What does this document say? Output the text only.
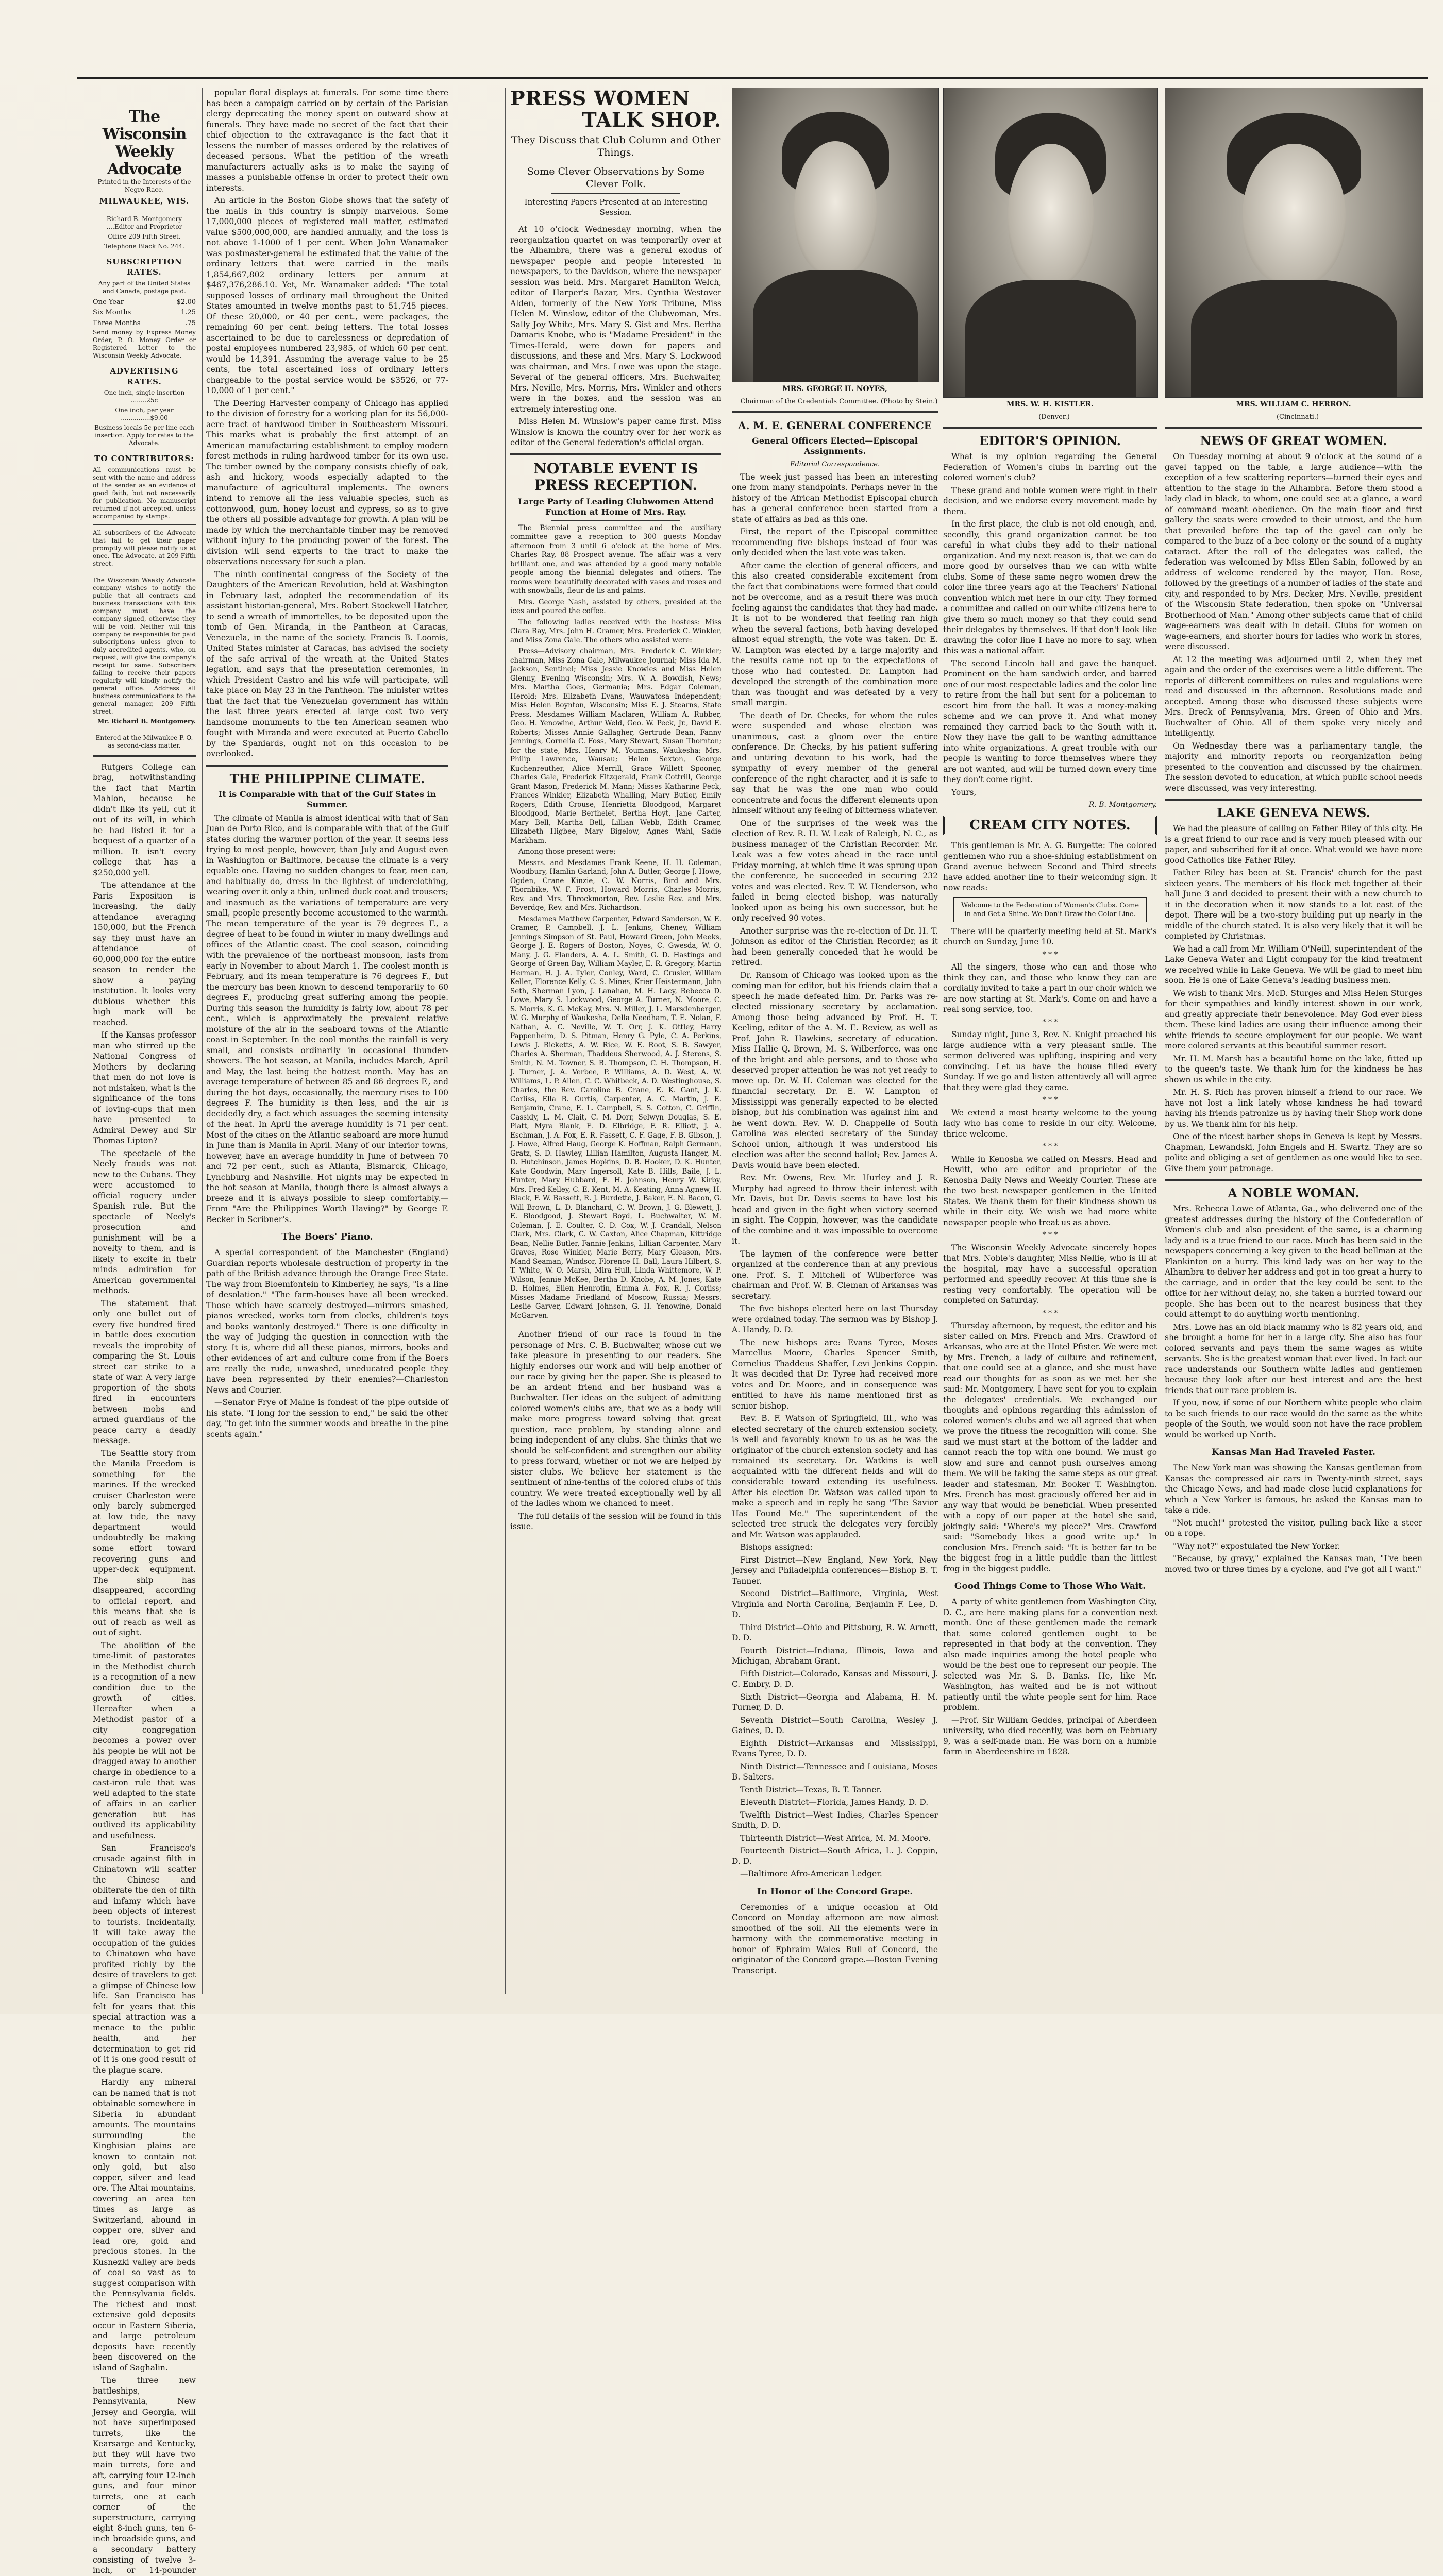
The Wisconsin Weekly Advocate

Printed in the Interests of the Negro Race.

MILWAUKEE, WIS.

Richard B. Montgomery ....Editor and Proprietor

Office 209 Fifth Street.

Telephone Black No. 244.

SUBSCRIPTION RATES.

Any part of the United States and Canada, postage paid.

One Year	$2.00
Six Months	1.25
Three Months	.75

Send money by Express Money Order, P. O. Money Order or Registered Letter to the Wisconsin Weekly Advocate.

ADVERTISING RATES.

One inch, single insertion ........25c

One inch, per year ...............$9.00

Business locals 5c per line each insertion. Apply for rates to the Advocate.

TO CONTRIBUTORS:

All communications must be sent with the name and address of the sender as an evidence of good faith, but not necessarily for publication. No manuscript returned if not accepted, unless accompanied by stamps.

All subscribers of the Advocate that fail to get their paper promptly will please notify us at once. The Advocate, at 209 Fifth street.

The Wisconsin Weekly Advocate company wishes to notify the public that all contracts and business transactions with this company must have the company signed, otherwise they will be void. Neither will this company be responsible for paid subscriptions unless given to duly accredited agents, who, on request, will give the company's receipt for same. Subscribers failing to receive their papers regularly will kindly notify the general office. Address all business communications to the general manager, 209 Fifth street.

Mr. Richard B. Montgomery.

Entered at the Milwaukee P. O. as second-class matter.

Rutgers College can brag, notwithstanding the fact that Martin Mahlon, because he didn't like its yell, cut it out of its will, in which he had listed it for a bequest of a quarter of a million. It isn't every college that has a $250,000 yell.

The attendance at the Paris Exposition is increasing, the daily attendance averaging 150,000, but the French say they must have an attendance of 60,000,000 for the entire season to render the show a paying institution. It looks very dubious whether this high mark will be reached.

If the Kansas professor man who stirred up the National Congress of Mothers by declaring that men do not love is not mistaken, what is the significance of the tons of loving-cups that men have presented to Admiral Dewey and Sir Thomas Lipton?

The spectacle of the Neely frauds was not new to the Cubans. They were accustomed to official roguery under Spanish rule. But the spectacle of Neely's prosecution and punishment will be a novelty to them, and is likely to excite in their minds admiration for American governmental methods.

The statement that only one bullet out of every five hundred fired in battle does execution reveals the improbity of comparing the St. Louis street car strike to a state of war. A very large proportion of the shots fired in encounters between mobs and armed guardians of the peace carry a deadly message.

The Seattle story from the Manila Freedom is something for the marines. If the wrecked cruiser Charleston were only barely submerged at low tide, the navy department would undoubtedly be making some effort toward recovering guns and upper-deck equipment. The ship has disappeared, according to official report, and this means that she is out of reach as well as out of sight.

The abolition of the time-limit of pastorates in the Methodist church is a recognition of a new condition due to the growth of cities. Hereafter when a Methodist pastor of a city congregation becomes a power over his people he will not be dragged away to another charge in obedience to a cast-iron rule that was well adapted to the state of affairs in an earlier generation but has outlived its applicability and usefulness.

San Francisco's crusade against filth in Chinatown will scatter the Chinese and obliterate the den of filth and infamy which have been objects of interest to tourists. Incidentally, it will take away the occupation of the guides to Chinatown who have profited richly by the desire of travelers to get a glimpse of Chinese low life. San Francisco has felt for years that this special attraction was a menace to the public health, and her determination to get rid of it is one good result of the plague scare.

Hardly any mineral can be named that is not obtainable somewhere in Siberia in abundant amounts. The mountains surrounding the Kinghisian plains are known to contain not only gold, but also copper, silver and lead ore. The Altai mountains, covering an area ten times as large as Switzerland, abound in copper ore, silver and lead ore, gold and precious stones. In the Kusnezki valley are beds of coal so vast as to suggest comparison with the Pennsylvania fields. The richest and most extensive gold deposits occur in Eastern Siberia, and large petroleum deposits have recently been discovered on the island of Saghalin.

The three new battleships, Pennsylvania, New Jersey and Georgia, will not have superimposed turrets, like the Kearsarge and Kentucky, but they will have two main turrets, fore and aft, carrying four 12-inch guns, and four minor turrets, one at each corner of the superstructure, carrying eight 8-inch guns, ten 6-inch broadside guns, and a secondary battery consisting of twelve 3-inch, or 14-pounder

popular floral displays at funerals. For some time there has been a campaign carried on by certain of the Parisian clergy deprecating the money spent on outward show at funerals. They have made no secret of the fact that their chief objection to the extravagance is the fact that it lessens the number of masses ordered by the relatives of deceased persons. What the petition of the wreath manufacturers actually asks is to make the saying of masses a punishable offense in order to protect their own interests.

An article in the Boston Globe shows that the safety of the mails in this country is simply marvelous. Some 17,000,000 pieces of registered mail matter, estimated value $500,000,000, are handled annually, and the loss is not above 1-1000 of 1 per cent. When John Wanamaker was postmaster-general he estimated that the value of the ordinary letters that were carried in the mails 1,854,667,802 ordinary letters per annum at $467,376,286.10. Yet, Mr. Wanamaker added: "The total supposed losses of ordinary mail throughout the United States amounted in twelve months past to 51,745 pieces. Of these 20,000, or 40 per cent., were packages, the remaining 60 per cent. being letters. The total losses ascertained to be due to carelessness or depredation of postal employees numbered 23,985, of which 60 per cent. would be 14,391. Assuming the average value to be 25 cents, the total ascertained loss of ordinary letters chargeable to the postal service would be $3526, or 77-10,000 of 1 per cent."

The Deering Harvester company of Chicago has applied to the division of forestry for a working plan for its 56,000-acre tract of hardwood timber in Southeastern Missouri. This marks what is probably the first attempt of an American manufacturing establishment to employ modern forest methods in ruling hardwood timber for its own use. The timber owned by the company consists chiefly of oak, ash and hickory, woods especially adapted to the manufacture of agricultural implements. The owners intend to remove all the less valuable species, such as cottonwood, gum, honey locust and cypress, so as to give the others all possible advantage for growth. A plan will be made by which the merchantable timber may be removed without injury to the producing power of the forest. The division will send experts to the tract to make the observations necessary for such a plan.

The ninth continental congress of the Society of the Daughters of the American Revolution, held at Washington in February last, adopted the recommendation of its assistant historian-general, Mrs. Robert Stockwell Hatcher, to send a wreath of immortelles, to be deposited upon the tomb of Gen. Miranda, in the Pantheon at Caracas, Venezuela, in the name of the society. Francis B. Loomis, United States minister at Caracas, has advised the society of the safe arrival of the wreath at the United States legation, and says that the presentation ceremonies, in which President Castro and his wife will participate, will take place on May 23 in the Pantheon. The minister writes that the fact that the Venezuelan government has within the last three years erected at large cost two very handsome monuments to the ten American seamen who fought with Miranda and were executed at Puerto Cabello by the Spaniards, ought not on this occasion to be overlooked.

THE PHILIPPINE CLIMATE.
It is Comparable with that of the Gulf States in Summer.

The climate of Manila is almost identical with that of San Juan de Porto Rico, and is comparable with that of the Gulf states during the warmer portion of the year. It seems less trying to most people, however, than July and August even in Washington or Baltimore, because the climate is a very equable one. Having no sudden changes to fear, men can, and habitually do, dress in the lightest of underclothing, wearing over it only a thin, unlined duck coat and trousers; and inasmuch as the variations of temperature are very small, people presently become accustomed to the warmth. The mean temperature of the year is 79 degrees F., a degree of heat to be found in winter in many dwellings and offices of the Atlantic coast. The cool season, coinciding with the prevalence of the northeast monsoon, lasts from early in November to about March 1. The coolest month is February, and its mean temperature is 76 degrees F., but the mercury has been known to descend temporarily to 60 degrees F., producing great suffering among the people. During this season the humidity is fairly low, about 78 per cent., which is approximately the prevalent relative moisture of the air in the seaboard towns of the Atlantic coast in September. In the cool months the rainfall is very small, and consists ordinarily in occasional thunder-showers. The hot season, at Manila, includes March, April and May, the last being the hottest month. May has an average temperature of between 85 and 86 degrees F., and during the hot days, occasionally, the mercury rises to 100 degrees F. The humidity is then less, and the air is decidedly dry, a fact which assuages the seeming intensity of the heat. In April the average humidity is 71 per cent. Most of the cities on the Atlantic seaboard are more humid in June than is Manila in April. Many of our interior towns, however, have an average humidity in June of between 70 and 72 per cent., such as Atlanta, Bismarck, Chicago, Lynchburg and Nashville. Hot nights may be expected in the hot season at Manila, though there is almost always a breeze and it is always possible to sleep comfortably.—From "Are the Philippines Worth Having?" by George F. Becker in Scribner's.

The Boers' Piano.

A special correspondent of the Manchester (England) Guardian reports wholesale destruction of property in the path of the British advance through the Orange Free State. The way from Bloemfontein to Kimberley, he says, "is a line of desolation." "The farm-houses have all been wrecked. Those which have scarcely destroyed—mirrors smashed, pianos wrecked, works torn from clocks, children's toys and books wantonly destroyed." There is one difficulty in the way of Judging the question in connection with the story. It is, where did all these pianos, mirrors, books and other evidences of art and culture come from if the Boers are really the rude, unwashed, uneducated people they have been represented by their enemies?—Charleston News and Courier.

—Senator Frye of Maine is fondest of the pipe outside of his state. "I long for the session to end," he said the other day, "to get into the summer woods and breathe in the pine scents again."

PRESS WOMEN
TALK SHOP.
They Discuss that Club Column and Other Things.
Some Clever Observations by Some Clever Folk.
Interesting Papers Presented at an Interesting Session.

At 10 o'clock Wednesday morning, when the reorganization quartet on was temporarily over at the Alhambra, there was a general exodus of newspaper people and people interested in newspapers, to the Davidson, where the newspaper session was held. Mrs. Margaret Hamilton Welch, editor of Harper's Bazar, Mrs. Cynthia Westover Alden, formerly of the New York Tribune, Miss Helen M. Winslow, editor of the Clubwoman, Mrs. Sally Joy White, Mrs. Mary S. Gist and Mrs. Bertha Damaris Knobe, who is "Madame President" in the Times-Herald, were down for papers and discussions, and these and Mrs. Mary S. Lockwood was chairman, and Mrs. Lowe was upon the stage. Several of the general officers, Mrs. Buchwalter, Mrs. Neville, Mrs. Morris, Mrs. Winkler and others were in the boxes, and the session was an extremely interesting one.

Miss Helen M. Winslow's paper came first. Miss Winslow is known the country over for her work as editor of the General federation's official organ.

NOTABLE EVENT IS PRESS RECEPTION.
Large Party of Leading Clubwomen Attend Function at Home of Mrs. Ray.

The Biennial press committee and the auxiliary committee gave a reception to 300 guests Monday afternoon from 3 until 6 o'clock at the home of Mrs. Charles Ray, 88 Prospect avenue. The affair was a very brilliant one, and was attended by a good many notable people among the biennial delegates and others. The rooms were beautifully decorated with vases and roses and with snowballs, fleur de lis and palms.

Mrs. George Nash, assisted by others, presided at the ices and poured the coffee.

The following ladies received with the hostess: Miss Clara Ray, Mrs. John H. Cramer, Mrs. Frederick C. Winkler, and Miss Zona Gale. The others who assisted were:

Press—Advisory chairman, Mrs. Frederick C. Winkler; chairman, Miss Zona Gale, Milwaukee Journal; Miss Ida M. Jackson, Sentinel; Miss Jessie Knowles and Miss Helen Glenny, Evening Wisconsin; Mrs. W. A. Bowdish, News; Mrs. Martha Goes, Germania; Mrs. Edgar Coleman, Herold; Mrs. Elizabeth Evans, Wauwatosa Independent; Miss Helen Boynton, Wisconsin; Miss E. J. Stearns, State Press. Mesdames William Maclaren, William A. Rubber, Geo. H. Yenowine, Arthur Weld, Geo. W. Peck, Jr., David E. Roberts; Misses Annie Gallagher, Gertrude Bean, Fanny Jennings, Cornelia C. Foss, Mary Stewart, Susan Thornton; for the state, Mrs. Henry M. Youmans, Waukesha; Mrs. Philip Lawrence, Wausau; Helen Sexton, George Kuchenreuther, Alice Merrill, Grace Willett Spooner, Charles Gale, Frederick Fitzgerald, Frank Cottrill, George Grant Mason, Frederick M. Mann; Misses Katharine Peck, Frances Winkler, Elizabeth Whalling, Mary Butler, Emily Rogers, Edith Crouse, Henrietta Bloodgood, Margaret Bloodgood, Marie Berthelet, Bertha Hoyt, Jane Carter, Mary Bell, Martha Bell, Lillian Webb, Edith Cramer, Elizabeth Higbee, Mary Bigelow, Agnes Wahl, Sadie Markham.

Among those present were:

Messrs. and Mesdames Frank Keene, H. H. Coleman, Woodbury, Hamlin Garland, John A. Butler, George J. Howe, Ogden, Crane Kinzie, C. W. Norris, Bird and Mrs. Thornbike, W. F. Frost, Howard Morris, Charles Morris, Rev. and Mrs. Throckmorton, Rev. Leslie Rev. and Mrs. Beverdge, Rev. and Mrs. Richardson.

Mesdames Matthew Carpenter, Edward Sanderson, W. E. Cramer, P. Campbell, J. L. Jenkins, Cheney, William Jennings Simpson of St. Paul, Howard Green, John Meeks, George J. E. Rogers of Boston, Noyes, C. Gwesda, W. O. Many, J. G. Flanders, A. A. L. Smith, G. D. Hastings and George of Green Bay, William Mayler, E. R. Gregory, Martin Herman, H. J. A. Tyler, Conley, Ward, C. Crusler, William Keller, Florence Kelly, C. S. Mines, Krier Heistermann, John Seth, Sherman Lyon, J. Lanahan, M. H. Lacy, Rebecca D. Lowe, Mary S. Lockwood, George A. Turner, N. Moore, C. S. Morris, K. G. McKay, Mrs. N. Miller, J. L. Marsdenberger, W. G. Murphy of Waukesha, Della Needham, T. E. Nolan, F. Nathan, A. C. Neville, W. T. Orr, J. K. Ottley, Harry Pappenheim, D. S. Pitman, Henry G. Pyle, C. A. Perkins, Lewis J. Ricketts, A. W. Rice, W. E. Root, S. B. Sawyer, Charles A. Sherman, Thaddeus Sherwood, A. J. Sterens, S. Smith, N. M. Towner, S. B. Thompson, C. H. Thompson, H. J. Turner, J. A. Verbee, P. Williams, A. D. West, A. W. Williams, L. P. Allen, C. C. Whitbeck, A. D. Westinghouse, S. Charles, the Rev. Caroline B. Crane, E. K. Gant, J. K. Corliss, Ella B. Curtis, Carpenter, A. C. Martin, J. E. Benjamin, Crane, E. L. Campbell, S. S. Cotton, C. Griffin, Cassidy, L. M. Clait, C. M. Dorr, Selwyn Douglas, S. E. Platt, Myra Blank, E. D. Elbridge, F. R. Elliott, J. A. Eschman, J. A. Fox, E. R. Fassett, C. F. Gage, F. B. Gibson, J. J. Howe, Alfred Haug, George K. Hoffman, Ralph Germann, Gratz, S. D. Hawley, Lillian Hamilton, Augusta Hanger, M. D. Hutchinson, James Hopkins, D. B. Hooker, D. K. Hunter, Kate Goodwin, Mary Ingersoll, Kate B. Hills, Baile, J. L. Hunter, Mary Hubbard, E. H. Johnson, Henry W. Kirby, Mrs. Fred Kelley, C. E. Kent, M. A. Keating, Anna Agnew, H. Black, F. W. Bassett, R. J. Burdette, J. Baker, E. N. Bacon, G. Will Brown, L. D. Blanchard, C. W. Brown, J. G. Blewett, J. E. Bloodgood, J. Stewart Boyd, L. Buchwalter, W. M. Coleman, J. E. Coulter, C. D. Cox, W. J. Crandall, Nelson Clark, Mrs. Clark, C. W. Caxton, Alice Chapman, Kittridge Bean, Nellie Butler, Fannie Jenkins, Lillian Carpenter, Mary Graves, Rose Winkler, Marie Berry, Mary Gleason, Mrs. Mand Seaman, Windsor, Florence H. Ball, Laura Hilbert, S. T. White, W. O. Marsh, Mira Hull, Linda Whittemore, W. P. Wilson, Jennie McKee, Bertha D. Knobe, A. M. Jones, Kate D. Holmes, Ellen Henrotin, Emma A. Fox, R. J. Corliss; Misses Madame Friedland of Moscow, Russia; Messrs. Leslie Garver, Edward Johnson, G. H. Yenowine, Donald McGarven.

Another friend of our race is found in the personage of Mrs. C. B. Buchwalter, whose cut we take pleasure in presenting to our readers. She highly endorses our work and will help another of our race by giving her the paper. She is pleased to be an ardent friend and her husband was a Buchwalter. Her ideas on the subject of admitting colored women's clubs are, that we as a body will make more progress toward solving that great question, race problem, by standing alone and being independent of any clubs. She thinks that we should be self-confident and strengthen our ability to press forward, whether or not we are helped by sister clubs. We believe her statement is the sentiment of nine-tenths of the colored clubs of this country. We were treated exceptionally well by all of the ladies whom we chanced to meet.

The full details of the session will be found in this issue.

MRS. GEORGE H. NOYES,

Chairman of the Credentials Committee. (Photo by Stein.)

A. M. E. GENERAL CONFERENCE
General Officers Elected—Episcopal Assignments.
Editorial Correspondence.

The week just passed has been an interesting one from many standpoints. Perhaps never in the history of the African Methodist Episcopal church has a general conference been started from a state of affairs as bad as this one.

First, the report of the Episcopal committee recommending five bishops instead of four was only decided when the last vote was taken.

After came the election of general officers, and this also created considerable excitement from the fact that combinations were formed that could not be overcome, and as a result there was much feeling against the candidates that they had made. It is not to be wondered that feeling ran high when the several factions, both having developed almost equal strength, the vote was taken. Dr. E. W. Lampton was elected by a large majority and the results came not up to the expectations of those who had contested. Dr. Lampton had developed the strength of the combination more than was thought and was defeated by a very small margin.

The death of Dr. Checks, for whom the rules were suspended and whose election was unanimous, cast a gloom over the entire conference. Dr. Checks, by his patient suffering and untiring devotion to his work, had the sympathy of every member of the general conference of the right character, and it is safe to say that he was the one man who could concentrate and focus the different elements upon himself without any feeling of bitterness whatever.

One of the surprises of the week was the election of Rev. R. H. W. Leak of Raleigh, N. C., as business manager of the Christian Recorder. Mr. Leak was a few votes ahead in the race until Friday morning, at which time it was sprung upon the conference, he succeeded in securing 232 votes and was elected. Rev. T. W. Henderson, who failed in being elected bishop, was naturally looked upon as being his own successor, but he only received 90 votes.

Another surprise was the re-election of Dr. H. T. Johnson as editor of the Christian Recorder, as it had been generally conceded that he would be retired.

Dr. Ransom of Chicago was looked upon as the coming man for editor, but his friends claim that a speech he made defeated him. Dr. Parks was re-elected missionary secretary by acclamation. Among those being advanced by Prof. H. T. Keeling, editor of the A. M. E. Review, as well as Prof. John R. Hawkins, secretary of education. Miss Hallie Q. Brown, M. S. Wilberforce, was one of the bright and able persons, and to those who deserved proper attention he was not yet ready to move up. Dr. W. H. Coleman was elected for the financial secretary, Dr. E. W. Lampton of Mississippi was generally expected to be elected bishop, but his combination was against him and he went down. Rev. W. D. Chappelle of South Carolina was elected secretary of the Sunday School union, although it was understood his election was after the second ballot; Rev. James A. Davis would have been elected.

Rev. Mr. Owens, Rev. Mr. Hurley and J. R. Murphy had agreed to throw their interest with Mr. Davis, but Dr. Davis seems to have lost his head and given in the fight when victory seemed in sight. The Coppin, however, was the candidate of the combine and it was impossible to overcome it.

The laymen of the conference were better organized at the conference than at any previous one. Prof. S. T. Mitchell of Wilberforce was chairman and Prof. W. B. Cleman of Arkansas was secretary.

The five bishops elected here on last Thursday were ordained today. The sermon was by Bishop J. A. Handy, D. D.

The new bishops are: Evans Tyree, Moses Marcellus Moore, Charles Spencer Smith, Cornelius Thaddeus Shaffer, Levi Jenkins Coppin. It was decided that Dr. Tyree had received more votes and Dr. Moore, and in consequence was entitled to have his name mentioned first as senior bishop.

Rev. B. F. Watson of Springfield, Ill., who was elected secretary of the church extension society, is well and favorably known to us as he was the originator of the church extension society and has remained its secretary. Dr. Watkins is well acquainted with the different fields and will do considerable toward extending its usefulness. After his election Dr. Watson was called upon to make a speech and in reply he sang "The Savior Has Found Me." The superintendent of the selected tree struck the delegates very forcibly and Mr. Watson was applauded.

Bishops assigned:

First District—New England, New York, New Jersey and Philadelphia conferences—Bishop B. T. Tanner.

Second District—Baltimore, Virginia, West Virginia and North Carolina, Benjamin F. Lee, D. D.

Third District—Ohio and Pittsburg, R. W. Arnett, D. D.

Fourth District—Indiana, Illinois, Iowa and Michigan, Abraham Grant.

Fifth District—Colorado, Kansas and Missouri, J. C. Embry, D. D.

Sixth District—Georgia and Alabama, H. M. Turner, D. D.

Seventh District—South Carolina, Wesley J. Gaines, D. D.

Eighth District—Arkansas and Mississippi, Evans Tyree, D. D.

Ninth District—Tennessee and Louisiana, Moses B. Salters.

Tenth District—Texas, B. T. Tanner.

Eleventh District—Florida, James Handy, D. D.

Twelfth District—West Indies, Charles Spencer Smith, D. D.

Thirteenth District—West Africa, M. M. Moore.

Fourteenth District—South Africa, L. J. Coppin, D. D.

—Baltimore Afro-American Ledger.

In Honor of the Concord Grape.

Ceremonies of a unique occasion at Old Concord on Monday afternoon are now almost smoothed of the soil. All the elements were in harmony with the commemorative meeting in honor of Ephraim Wales Bull of Concord, the originator of the Concord grape.—Boston Evening Transcript.

MRS. W. H. KISTLER.

(Denver.)

EDITOR'S OPINION.

What is my opinion regarding the General Federation of Women's clubs in barring out the colored women's club?

These grand and noble women were right in their decision, and we endorse every movement made by them.

In the first place, the club is not old enough, and, secondly, this grand organization cannot be too careful in what clubs they add to their national organization. And my next reason is, that we can do more good by ourselves than we can with white clubs. Some of these same negro women drew the color line three years ago at the Teachers' National convention which met here in our city. They formed a committee and called on our white citizens here to give them so much money so that they could send their delegates by themselves. If that don't look like drawing the color line I have no more to say, when this was a national affair.

The second Lincoln hall and gave the banquet. Prominent on the ham sandwich order, and barred one of our most respectable ladies and the color line to retire from the hall but sent for a policeman to escort him from the hall. It was a money-making scheme and we can prove it. And what money remained they carried back to the South with it. Now they have the gall to be wanting admittance into white organizations. A great trouble with our people is wanting to force themselves where they are not wanted, and will be turned down every time they don't come right.

Yours,

R. B. Montgomery.
CREAM CITY NOTES.

This gentleman is Mr. A. G. Burgette: The colored gentlemen who run a shoe-shining establishment on Grand avenue between Second and Third streets have added another line to their welcoming sign. It now reads:

Welcome to the Federation of Women's Clubs. Come in and Get a Shine. We Don't Draw the Color Line.

There will be quarterly meeting held at St. Mark's church on Sunday, June 10.

* * *

All the singers, those who can and those who think they can, and those who know they can are cordially invited to take a part in our choir which we are now starting at St. Mark's. Come on and have a real song service, too.

* * *

Sunday night, June 3, Rev. N. Knight preached his large audience with a very pleasant smile. The sermon delivered was uplifting, inspiring and very convincing. Let us have the house filled every Sunday. If we go and listen attentively all will agree that they were glad they came.

* * *

We extend a most hearty welcome to the young lady who has come to reside in our city. Welcome, thrice welcome.

* * *

While in Kenosha we called on Messrs. Head and Hewitt, who are editor and proprietor of the Kenosha Daily News and Weekly Courier. These are the two best newspaper gentlemen in the United States. We thank them for their kindness shown us while in their city. We wish we had more white newspaper people who treat us as above.

* * *

The Wisconsin Weekly Advocate sincerely hopes that Mrs. Noble's daughter, Miss Nellie, who is ill at the hospital, may have a successful operation performed and speedily recover. At this time she is resting very comfortably. The operation will be completed on Saturday.

* * *

Thursday afternoon, by request, the editor and his sister called on Mrs. French and Mrs. Crawford of Arkansas, who are at the Hotel Pfister. We were met by Mrs. French, a lady of culture and refinement, that one could see at a glance, and she must have read our thoughts for as soon as we met her she said: Mr. Montgomery, I have sent for you to explain the delegates' credentials. We exchanged our thoughts and opinions regarding this admission of colored women's clubs and we all agreed that when we prove the fitness the recognition will come. She said we must start at the bottom of the ladder and cannot reach the top with one bound. We must go slow and sure and cannot push ourselves among them. We will be taking the same steps as our great leader and statesman, Mr. Booker T. Washington. Mrs. French has most graciously offered her aid in any way that would be beneficial. When presented with a copy of our paper at the hotel she said, jokingly said: "Where's my piece?" Mrs. Crawford said: "Somebody likes a good write up." In conclusion Mrs. French said: "It is better far to be the biggest frog in a little puddle than the littlest frog in the biggest puddle.

Good Things Come to Those Who Wait.

A party of white gentlemen from Washington City, D. C., are here making plans for a convention next month. One of these gentlemen made the remark that some colored gentlemen ought to be represented in that body at the convention. They also made inquiries among the hotel people who would be the best one to represent our people. The selected was Mr. S. B. Banks. He, like Mr. Washington, has waited and he is not without patiently until the white people sent for him. Race problem.

—Prof. Sir William Geddes, principal of Aberdeen university, who died recently, was born on February 9, was a self-made man. He was born on a humble farm in Aberdeenshire in 1828.

MRS. WILLIAM C. HERRON.

(Cincinnati.)

NEWS OF GREAT WOMEN.

On Tuesday morning at about 9 o'clock at the sound of a gavel tapped on the table, a large audience—with the exception of a few scattering reporters—turned their eyes and attention to the stage in the Alhambra. Before them stood a lady clad in black, to whom, one could see at a glance, a word of command meant obedience. On the main floor and first gallery the seats were crowded to their utmost, and the hum that prevailed before the tap of the gavel can only be compared to the buzz of a bee colony or the sound of a mighty cataract. After the roll of the delegates was called, the federation was welcomed by Miss Ellen Sabin, followed by an address of welcome rendered by the mayor, Hon. Rose, followed by the greetings of a number of ladies of the state and city, and responded to by Mrs. Decker, Mrs. Neville, president of the Wisconsin State federation, then spoke on "Universal Brotherhood of Man." Among other subjects came that of child wage-earners was dealt with in detail. Clubs for women on wage-earners, and shorter hours for ladies who work in stores, were discussed.

At 12 the meeting was adjourned until 2, when they met again and the order of the exercises were a little different. The reports of different committees on rules and regulations were read and discussed in the afternoon. Resolutions made and accepted. Among those who discussed these subjects were Mrs. Breck of Pennsylvania, Mrs. Green of Ohio and Mrs. Buchwalter of Ohio. All of them spoke very nicely and intelligently.

On Wednesday there was a parliamentary tangle, the majority and minority reports on reorganization being presented to the convention and discussed by the chairmen. The session devoted to education, at which public school needs were discussed, was very interesting.

LAKE GENEVA NEWS.

We had the pleasure of calling on Father Riley of this city. He is a great friend to our race and is very much pleased with our paper, and subscribed for it at once. What would we have more good Catholics like Father Riley.

Father Riley has been at St. Francis' church for the past sixteen years. The members of his flock met together at their hall June 3 and decided to present their with a new church to it in the decoration when it now stands to a lot east of the depot. There will be a two-story building put up nearly in the middle of the church stated. It is also very likely that it will be completed by Christmas.

We had a call from Mr. William O'Neill, superintendent of the Lake Geneva Water and Light company for the kind treatment we received while in Lake Geneva. We will be glad to meet him soon. He is one of Lake Geneva's leading business men.

We wish to thank Mrs. McD. Sturges and Miss Helen Sturges for their sympathies and kindly interest shown in our work, and greatly appreciate their benevolence. May God ever bless them. These kind ladies are using their influence among their white friends to secure employment for our people. We want more colored servants at this beautiful summer resort.

Mr. H. M. Marsh has a beautiful home on the lake, fitted up to the queen's taste. We thank him for the kindness he has shown us while in the city.

Mr. H. S. Rich has proven himself a friend to our race. We have not lost a link lately whose kindness he had toward having his friends patronize us by having their Shop work done by us. We thank him for his help.

One of the nicest barber shops in Geneva is kept by Messrs. Chapman, Lewandski, John Engels and H. Swartz. They are so polite and obliging a set of gentlemen as one would like to see. Give them your patronage.

A NOBLE WOMAN.

Mrs. Rebecca Lowe of Atlanta, Ga., who delivered one of the greatest addresses during the history of the Confederation of Women's club and also president of the same, is a charming lady and is a true friend to our race. Much has been said in the newspapers concerning a key given to the head bellman at the Plankinton on a hurry. This kind lady was on her way to the Alhambra to deliver her address and got in too great a hurry to the carriage, and in order that the key could be sent to the office for her without delay, no, she taken a hurried toward our people. She has been out to the nearest business that they could attempt to do anything worth mentioning.

Mrs. Lowe has an old black mammy who is 82 years old, and she brought a home for her in a large city. She also has four colored servants and pays them the same wages as white servants. She is the greatest woman that ever lived. In fact our race understands our Southern white ladies and gentlemen because they look after our best interest and are the best friends that our race problem is.

If you, now, if some of our Northern white people who claim to be such friends to our race would do the same as the white people of the South, we would soon not have the race problem would be worked up North.

Kansas Man Had Traveled Faster.

The New York man was showing the Kansas gentleman from Kansas the compressed air cars in Twenty-ninth street, says the Chicago News, and had made close lucid explanations for which a New Yorker is famous, he asked the Kansas man to take a ride.

"Not much!" protested the visitor, pulling back like a steer on a rope.

"Why not?" expostulated the New Yorker.

"Because, by gravy," explained the Kansas man, "I've been moved two or three times by a cyclone, and I've got all I want."
